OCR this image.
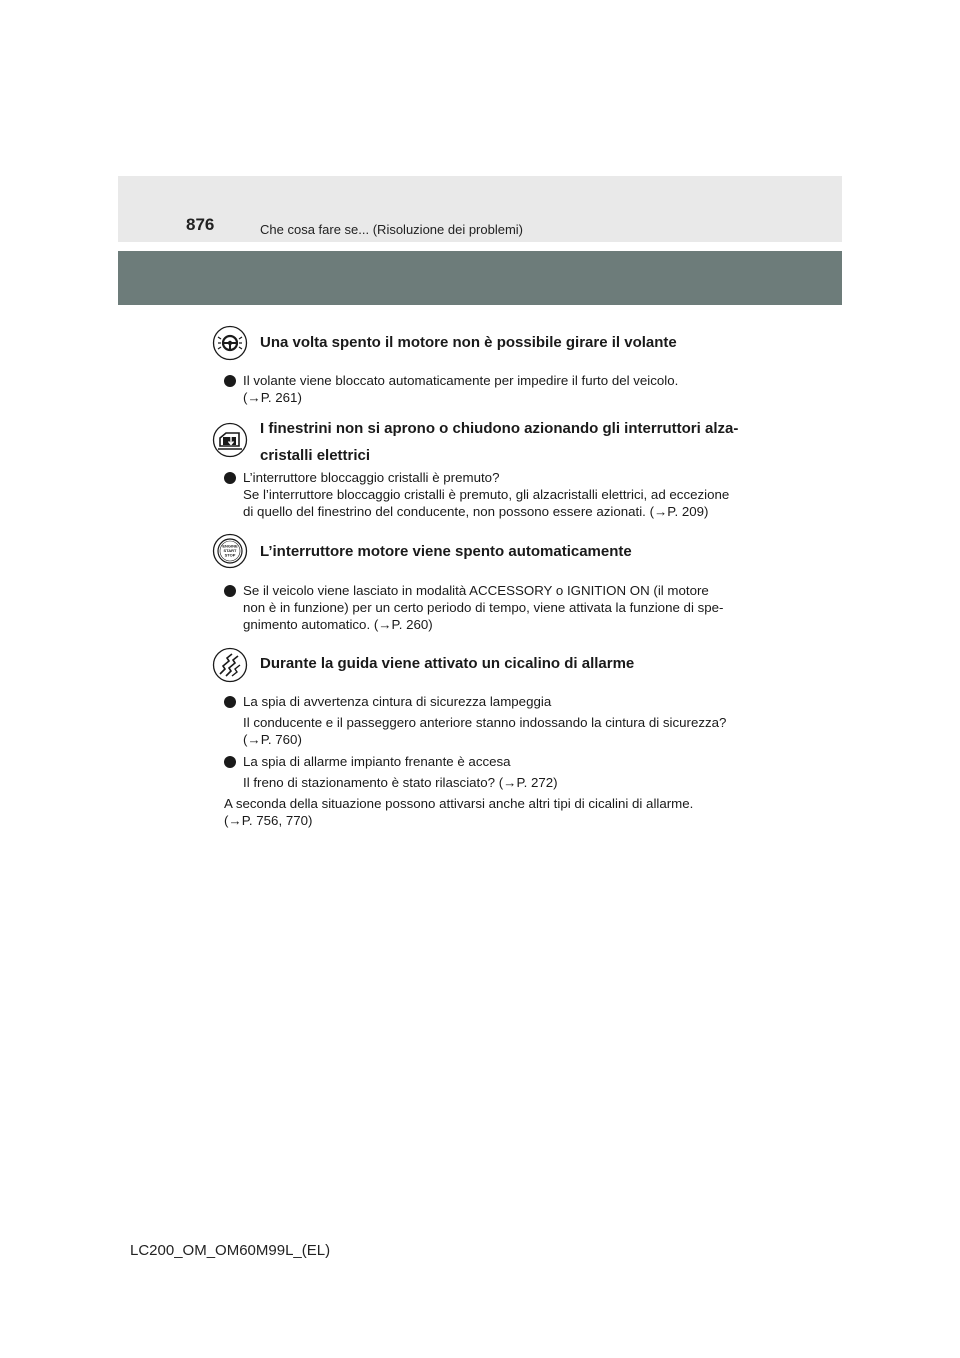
876	Che cosa fare se... (Risoluzione dei problemi)
Una volta spento il motore non è possibile girare il volante
Il volante viene bloccato automaticamente per impedire il furto del veicolo.
(→P. 261)
I finestrini non si aprono o chiudono azionando gli interruttori alza-
cristalli elettrici
L’interruttore bloccaggio cristalli è premuto?
Se l’interruttore bloccaggio cristalli è premuto, gli alzacristalli elettrici, ad eccezione
di quello del finestrino del conducente, non possono essere azionati. (→P. 209)
ENGINE
START
STOP L’interruttore motore viene spento automaticamente
Se il veicolo viene lasciato in modalità ACCESSORY o IGNITION ON (il motore
non è in funzione) per un certo periodo di tempo, viene attivata la funzione di spe-
gnimento automatico. (→P. 260)
Durante la guida viene attivato un cicalino di allarme
La spia di avvertenza cintura di sicurezza lampeggia
Il conducente e il passeggero anteriore stanno indossando la cintura di sicurezza?
(→P. 760)
La spia di allarme impianto frenante è accesa
Il freno di stazionamento è stato rilasciato? (→P. 272)
A seconda della situazione possono attivarsi anche altri tipi di cicalini di allarme.
(→P. 756, 770)
LC200_OM_OM60M99L_(EL)
